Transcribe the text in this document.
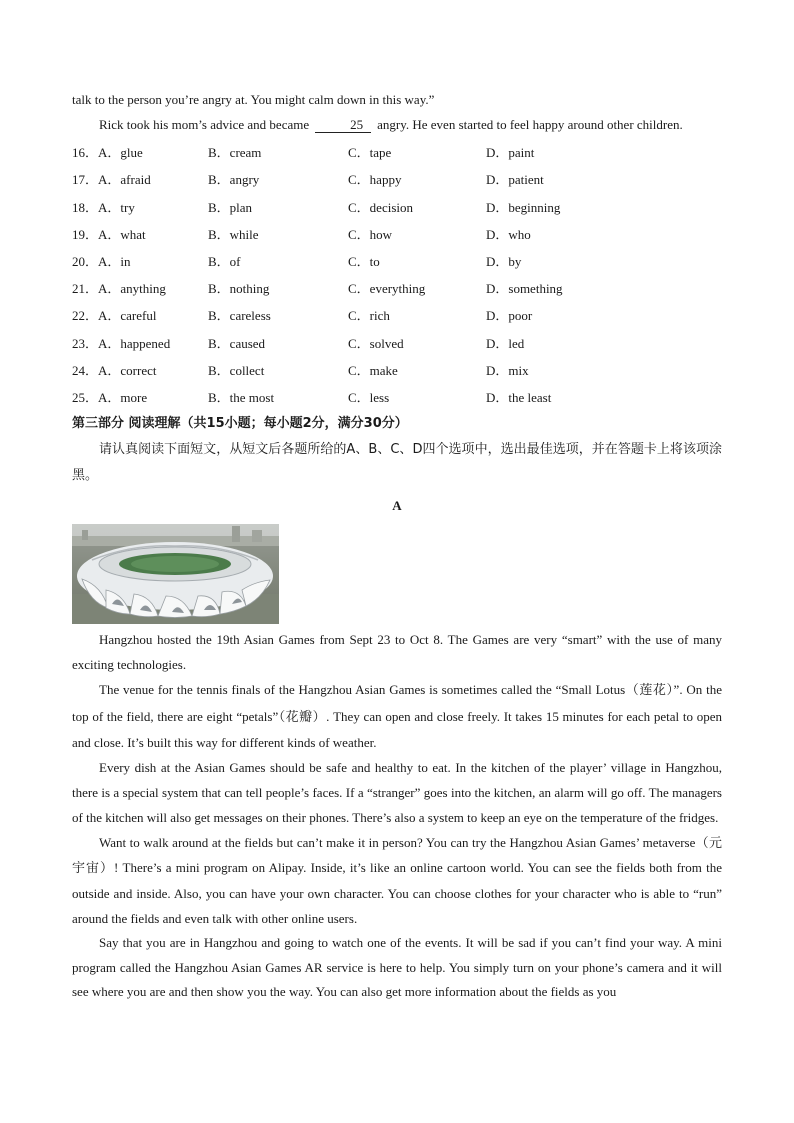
talk to the person you’re angry at. You might calm down in this way.”

Rick took his mom’s advice and became	25 angry. He even started to feel happy around other children.

16． A．glue	B．cream	C．tape	D．paint
17． A．afraid	B．angry	C．happy	D．patient
18． A．try	B．plan	C．decision	D．beginning
19． A．what	B．while	C．how	D．who
20． A．in	B．of	C．to	D．by
21． A．anything	B．nothing	C．everything	D．something
22． A．careful	B．careless	C．rich	D．poor
23． A．happened	B．caused	C．solved	D．led
24． A．correct	B．collect	C．make	D．mix
25． A．more	B．the most	C．less	D．the least
第三部分 阅读理解（共15小题；每小题2分，满分30分）
请认真阅读下面短文，从短文后各题所给的A、B、C、D四个选项中，选出最佳选项，并在答题卡上将该项涂黑。
A

Hangzhou hosted the 19th Asian Games from Sept 23 to Oct 8. The Games are very “smart” with the use of many exciting technologies.

The venue for the tennis finals of the Hangzhou Asian Games is sometimes called the “Small Lotus（莲花）”. On the top of the field, there are eight “petals”（花瓣）. They can open and close freely. It takes 15 minutes for each petal to open and close. It’s built this way for different kinds of weather.

Every dish at the Asian Games should be safe and healthy to eat. In the kitchen of the player’ village in Hangzhou, there is a special system that can tell people’s faces. If a “stranger” goes into the kitchen, an alarm will go off. The managers of the kitchen will also get messages on their phones. There’s also a system to keep an eye on the temperature of the fridges.

Want to walk around at the fields but can’t make it in person? You can try the Hangzhou Asian Games’ metaverse（元宇宙）! There’s a mini program on Alipay. Inside, it’s like an online cartoon world. You can see the fields both from the outside and inside. Also, you can have your own character. You can choose clothes for your character who is able to “run” around the fields and even talk with other online users.

Say that you are in Hangzhou and going to watch one of the events. It will be sad if you can’t find your way. A mini program called the Hangzhou Asian Games AR service is here to help. You simply turn on your phone’s camera and it will see where you are and then show you the way. You can also get more information about the fields as you
